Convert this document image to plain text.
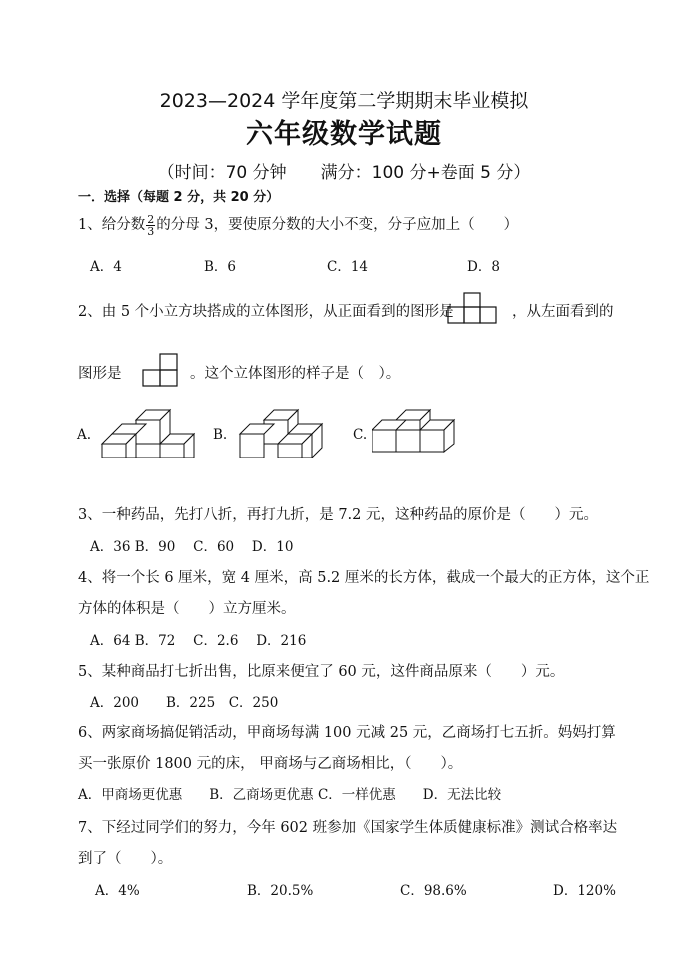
2023—2024 学年度第二学期期末毕业模拟
六年级数学试题
（时间：70 分钟　　满分：100 分+卷面 5 分）
一．选择（每题 2 分，共 20 分）
1、给分数 $\frac{2}{3}$ 的分母 3，要使原分数的大小不变，分子应加上（　　）
A．4	B．6	C．14	D．8
2、由 5 个小立方块搭成的立体图形，从正面看到的图形是	，从左面看到的
图形是	。这个立体图形的样子是（　）。
A.	B.	C.
3、一种药品，先打八折，再打九折，是 7.2 元，这种药品的原价是（　　）元。
A．36 B．90　 C．60　 D．10
4、将一个长 6 厘米，宽 4 厘米，高 5.2 厘米的长方体，截成一个最大的正方体，这个正
方体的体积是（　　）立方厘米。
A．64 B．72　 C．2.6　 D．216
5、某种商品打七折出售，比原来便宜了 60 元，这件商品原来（　　）元。
A．200　　B．225　C．250
6、两家商场搞促销活动，甲商场每满 100 元减 25 元，乙商场打七五折。妈妈打算
买一张原价 1800 元的床， 甲商场与乙商场相比，（　　）。
A．甲商场更优惠　　B．乙商场更优惠 C．一样优惠　　D．无法比较
7、下经过同学们的努力，今年 602 班参加《国家学生体质健康标准》测试合格率达
到了（　　）。
A．4%	B．20.5%	C．98.6%	D．120%
